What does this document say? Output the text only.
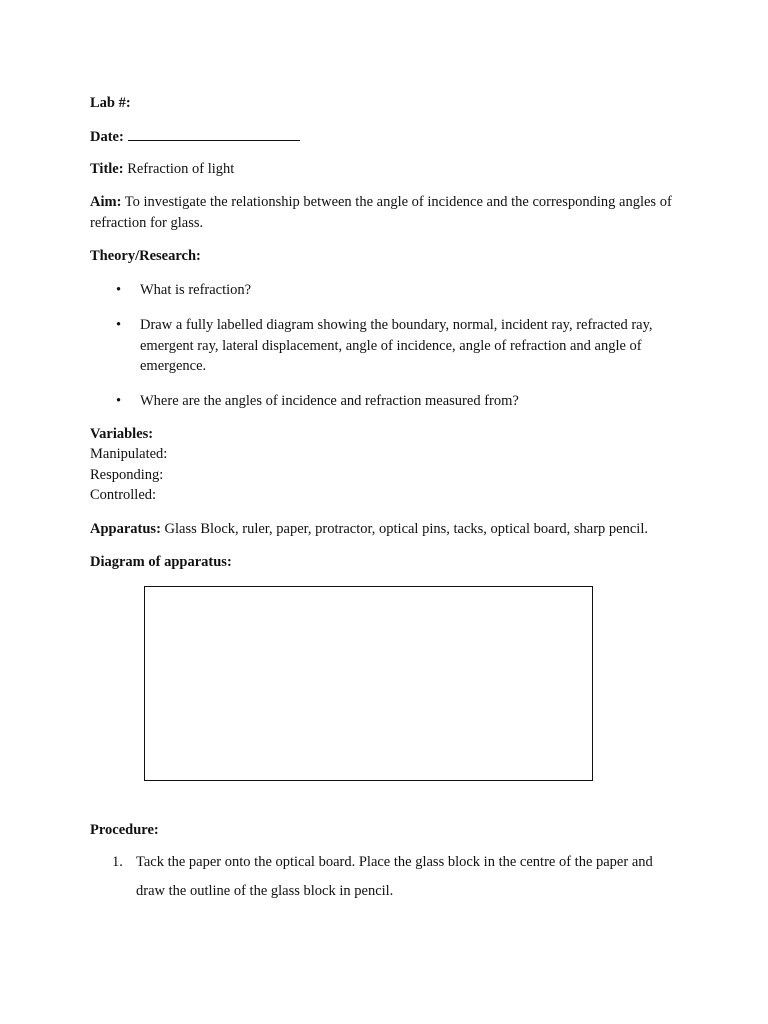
Lab #:
Date:
Title: Refraction of light
Aim: To investigate the relationship between the angle of incidence and the corresponding angles of refraction for glass.
Theory/Research:
• What is refraction?
• Draw a fully labelled diagram showing the boundary, normal, incident ray, refracted ray, emergent ray, lateral displacement, angle of incidence, angle of refraction and angle of emergence.
• Where are the angles of incidence and refraction measured from?
Variables:
Manipulated:
Responding:
Controlled:
Apparatus: Glass Block, ruler, paper, protractor, optical pins, tacks, optical board, sharp pencil.
Diagram of apparatus:
Procedure:
1. Tack the paper onto the optical board. Place the glass block in the centre of the paper and draw the outline of the glass block in pencil.
